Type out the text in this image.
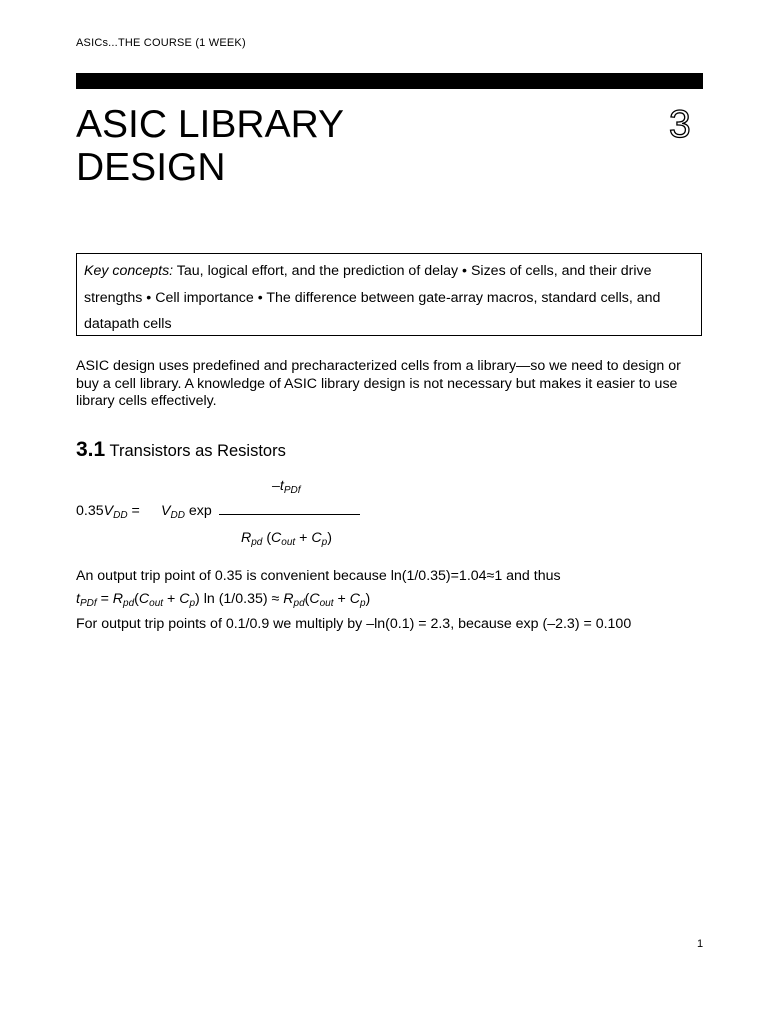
ASICs...THE COURSE (1 WEEK)
ASIC LIBRARY
DESIGN
3
Key concepts: Tau, logical effort, and the prediction of delay • Sizes of cells, and their drive strengths • Cell importance • The difference between gate-array macros, standard cells, and datapath cells
ASIC design uses predefined and precharacterized cells from a library—so we need to design or buy a cell library. A knowledge of ASIC library design is not necessary but makes it easier to use library cells effectively.
3.1 Transistors as Resistors
$-t_{PDf}$
$0.35V_{DD} = V_{DD}$ exp
$R_{pd}$ $(C_{out} + C_p)$
An output trip point of 0.35 is convenient because ln(1/0.35)=1.04≈1 and thus
$t_{PDf} = R_{pd}(C_{out} + C_p)$ $\ln (1/0.35) \approx R_{pd}(C_{out} + C_p)$
For output trip points of 0.1/0.9 we multiply by –ln(0.1) = 2.3, because exp (–2.3) = 0.100
1
